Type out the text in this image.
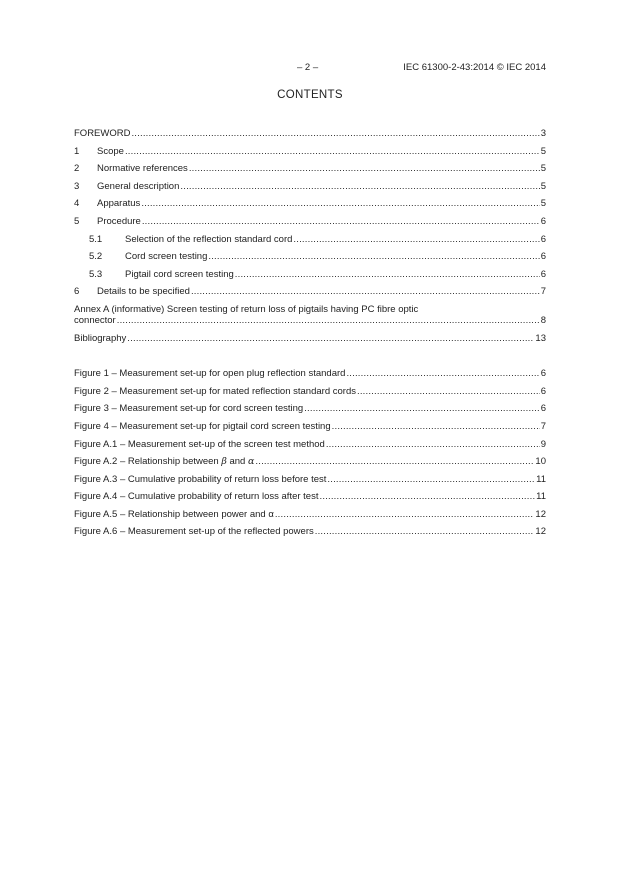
– 2 –	IEC 61300-2-43:2014 © IEC 2014
CONTENTS
FOREWORD .....	3
1	Scope .....	5
2	Normative references .....	5
3	General description .....	5
4	Apparatus .....	5
5	Procedure .....	6
5.1	Selection of the reflection standard cord .....	6
5.2	Cord screen testing .....	6
5.3	Pigtail cord screen testing .....	6
6	Details to be specified .....	7
Annex A (informative) Screen testing of return loss of pigtails having PC fibre optic
connector .....	8
Bibliography .....	13
Figure 1 – Measurement set-up for open plug reflection standard .....	6
Figure 2 – Measurement set-up for mated reflection standard cords .....	6
Figure 3 – Measurement set-up for cord screen testing .....	6
Figure 4 – Measurement set-up for pigtail cord screen testing .....	7
Figure A.1 – Measurement set-up of the screen test method .....	9
Figure A.2 – Relationship between β and α .....	10
Figure A.3 – Cumulative probability of return loss before test .....	11
Figure A.4 – Cumulative probability of return loss after test .....	11
Figure A.5 – Relationship between power and α .....	12
Figure A.6 – Measurement set-up of the reflected powers .....	12
